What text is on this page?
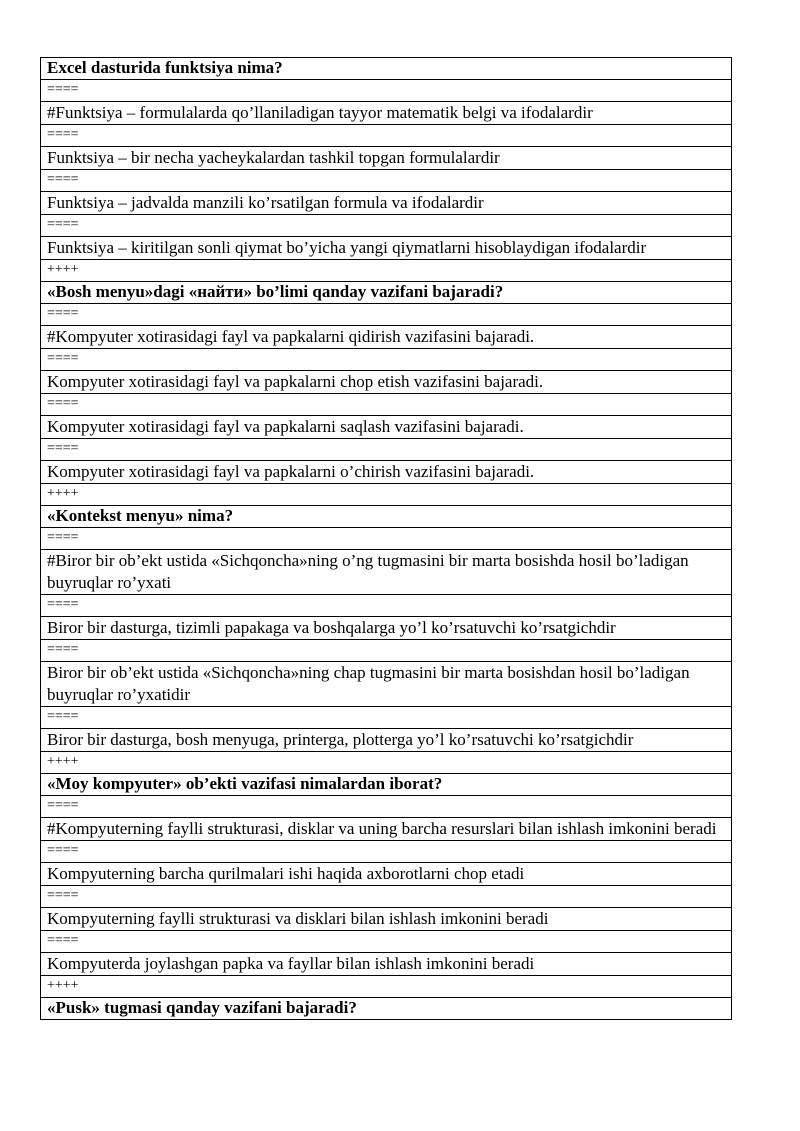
Excel dasturida funktsiya nima?
====
#Funktsiya – formulalarda qo’llaniladigan tayyor matematik belgi va ifodalardir
====
Funktsiya – bir necha yacheykalardan tashkil topgan formulalardir
====
Funktsiya – jadvalda manzili ko’rsatilgan formula va ifodalardir
====
Funktsiya – kiritilgan sonli qiymat bo’yicha yangi qiymatlarni hisoblaydigan ifodalardir
++++
«Bosh menyu»dagi «найти» bo’limi qanday vazifani bajaradi?
====
#Kompyuter xotirasidagi fayl va papkalarni qidirish vazifasini bajaradi.
====
Kompyuter xotirasidagi fayl va papkalarni chop etish vazifasini bajaradi.
====
Kompyuter xotirasidagi fayl va papkalarni saqlash vazifasini bajaradi.
====
Kompyuter xotirasidagi fayl va papkalarni o’chirish vazifasini bajaradi.
++++
«Kontekst menyu» nima?
====
#Biror bir ob’ekt ustida «Sichqoncha»ning o’ng tugmasini bir marta bosishda hosil bo’ladigan buyruqlar ro’yxati
====
Biror bir dasturga, tizimli papakaga va boshqalarga yo’l ko’rsatuvchi ko’rsatgichdir
====
Biror bir ob’ekt ustida «Sichqoncha»ning chap tugmasini bir marta bosishdan hosil bo’ladigan buyruqlar ro’yxatidir
====
Biror bir dasturga, bosh menyuga, printerga, plotterga yo’l ko’rsatuvchi ko’rsatgichdir
++++
«Moy kompyuter» ob’ekti vazifasi nimalardan iborat?
====
#Kompyuterning faylli strukturasi, disklar va uning barcha resurslari bilan ishlash imkonini beradi
====
Kompyuterning barcha qurilmalari ishi haqida axborotlarni chop etadi
====
Kompyuterning faylli strukturasi va disklari bilan ishlash imkonini beradi
====
Kompyuterda joylashgan papka va fayllar bilan ishlash imkonini beradi
++++
«Pusk» tugmasi qanday vazifani bajaradi?
